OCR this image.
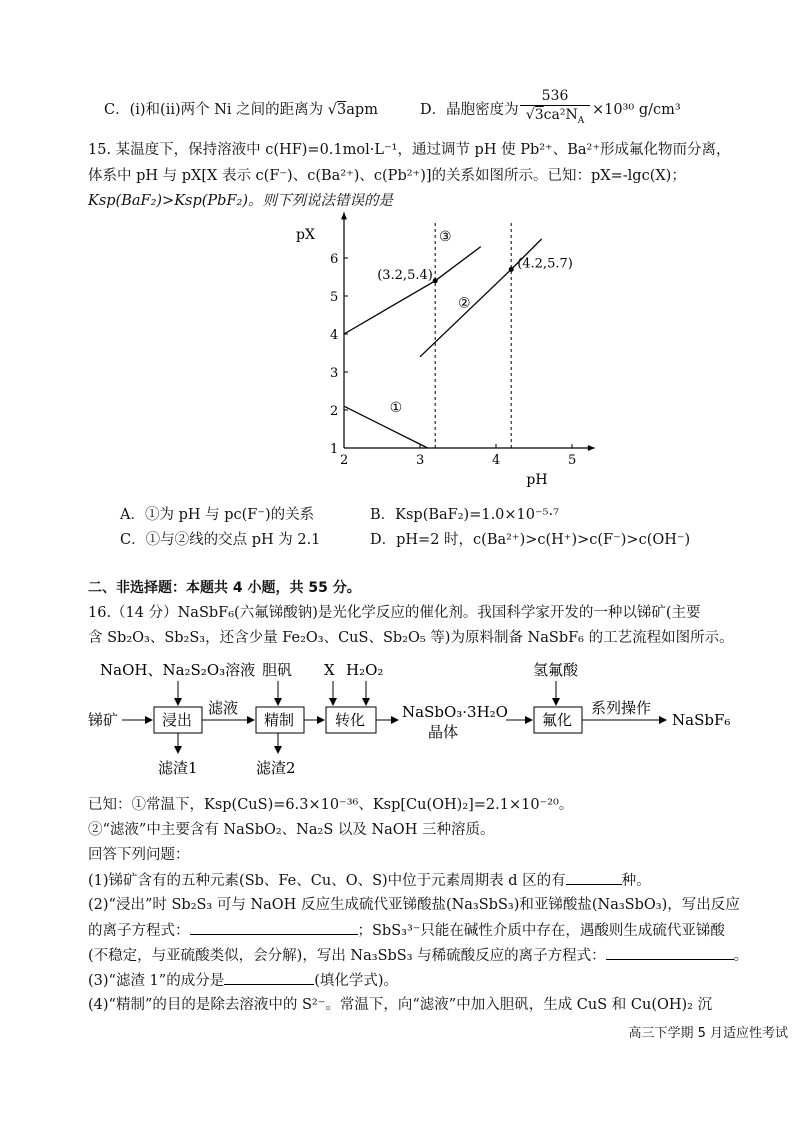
C．(i)和(ii)两个 Ni 之间的距离为 √3apm	D．晶胞密度为 $\frac{536}{√3ca^2N_A} \times 10^{30}$ g/cm³
15. 某温度下，保持溶液中 c(HF)=0.1mol·L⁻¹，通过调节 pH 使 Pb²⁺、Ba²⁺形成氟化物而分离，
体系中 pH 与 pX[X 表示 c(F⁻)、c(Ba²⁺)、c(Pb²⁺)]的关系如图所示。已知：pX=-lgc(X)；
Ksp(BaF₂)>Ksp(PbF₂)。则下列说法错误的是
2	3	4	5
1
2
3
4
5
6
pX
pH
①
②
③
(3.2,5.4)
(4.2,5.7)
A．①为 pH 与 pc(F⁻)的关系	B．Ksp(BaF₂)=1.0×10⁻⁵·⁷
C．①与②线的交点 pH 为 2.1	D．pH=2 时，c(Ba²⁺)>c(H⁺)>c(F⁻)>c(OH⁻)
二、非选择题：本题共 4 小题，共 55 分。
16.（14 分）NaSbF₆(六氟锑酸钠)是光化学反应的催化剂。我国科学家开发的一种以锑矿(主要
含 Sb₂O₃、Sb₂S₃，还含少量 Fe₂O₃、CuS、Sb₂O₅ 等)为原料制备 NaSbF₆ 的工艺流程如图所示。
NaOH、Na₂S₂O₃溶液 胆矾 X H₂O₂	氢氟酸
锑矿	浸出
滤液
精制	转化 NaSbO₃·3H₂O
晶体
氟化
系列操作
NaSbF₆
滤渣1	滤渣2
已知：①常温下，Ksp(CuS)=6.3×10⁻³⁶、Ksp[Cu(OH)₂]=2.1×10⁻²⁰。
②“滤液”中主要含有 NaSbO₂、Na₂S 以及 NaOH 三种溶质。
回答下列问题：
(1)锑矿含有的五种元素(Sb、Fe、Cu、O、S)中位于元素周期表 d 区的有	种。
(2)“浸出”时 Sb₂S₃ 可与 NaOH 反应生成硫代亚锑酸盐(Na₃SbS₃)和亚锑酸盐(Na₃SbO₃)，写出反应
的离子方程式：	；SbS₃³⁻只能在碱性介质中存在，遇酸则生成硫代亚锑酸
(不稳定，与亚硫酸类似，会分解)，写出 Na₃SbS₃ 与稀硫酸反应的离子方程式：	。
(3)“滤渣 1”的成分是	(填化学式)。
(4)“精制”的目的是除去溶液中的 S²⁻。常温下，向“滤液”中加入胆矾，生成 CuS 和 Cu(OH)₂ 沉
高三下学期 5 月适应性考试
